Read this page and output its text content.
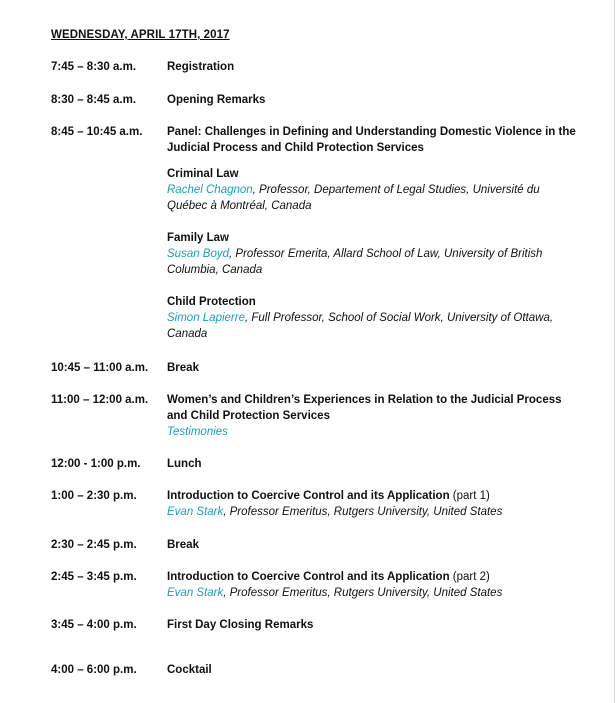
WEDNESDAY, APRIL 17TH, 2017
7:45 – 8:30 a.m.	Registration
8:30 – 8:45 a.m.	Opening Remarks
8:45 – 10:45 a.m.	Panel: Challenges in Defining and Understanding Domestic Violence in the Judicial Process and Child Protection Services
Criminal Law
Rachel Chagnon, Professor, Departement of Legal Studies, Université du Québec à Montréal, Canada
Family Law
Susan Boyd, Professor Emerita, Allard School of Law, University of British Columbia, Canada
Child Protection
Simon Lapierre, Full Professor, School of Social Work, University of Ottawa, Canada
10:45 – 11:00 a.m.	Break
11:00 – 12:00 a.m.	Women’s and Children’s Experiences in Relation to the Judicial Process and Child Protection Services
Testimonies
12:00 - 1:00 p.m.	Lunch
1:00 – 2:30 p.m.	Introduction to Coercive Control and its Application (part 1)
Evan Stark, Professor Emeritus, Rutgers University, United States
2:30 – 2:45 p.m.	Break
2:45 – 3:45 p.m.	Introduction to Coercive Control and its Application (part 2)
Evan Stark, Professor Emeritus, Rutgers University, United States
3:45 – 4:00 p.m.	First Day Closing Remarks
4:00 – 6:00 p.m.	Cocktail
